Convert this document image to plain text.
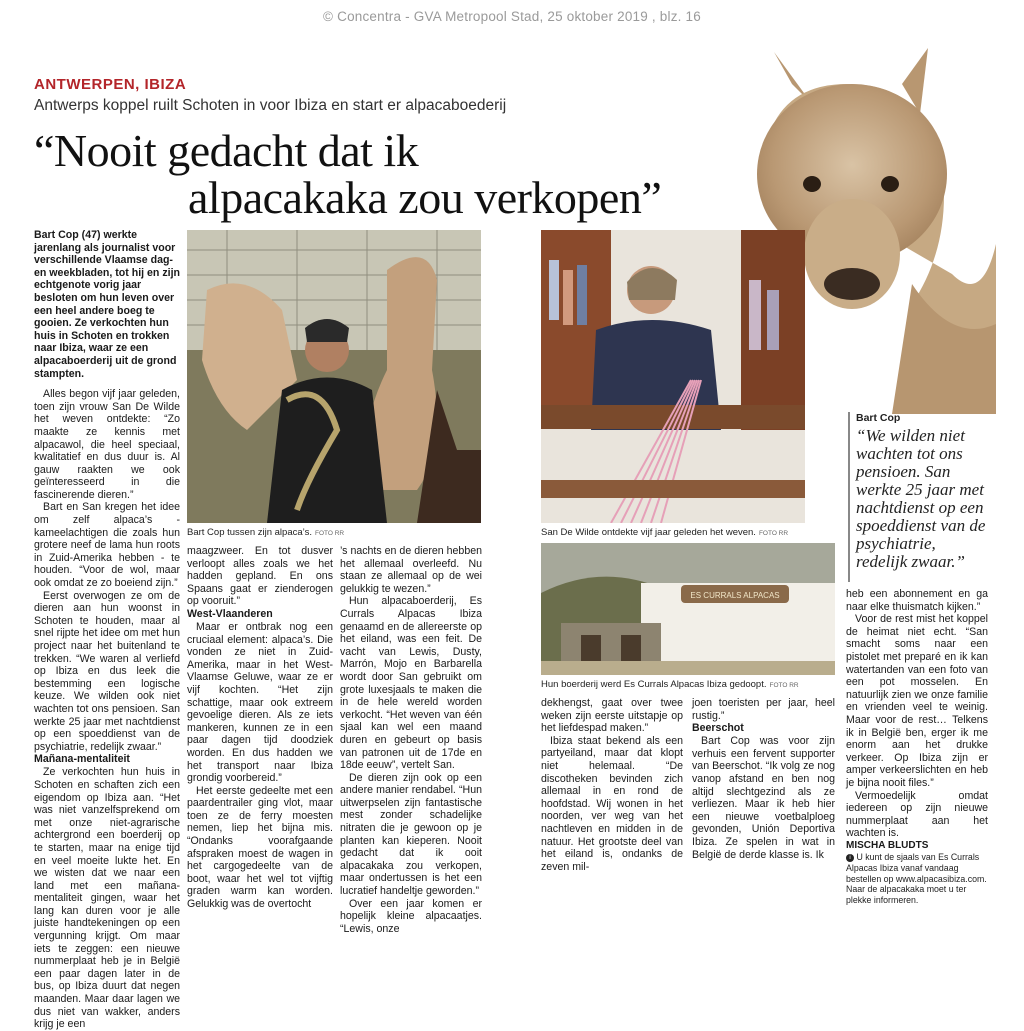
© Concentra - GVA Metropool Stad, 25 oktober 2019 , blz. 16
ANTWERPEN, IBIZA
Antwerps koppel ruilt Schoten in voor Ibiza en start er alpacaboederij
“Nooit gedacht dat ik
alpacakaka zou verkopen”
Bart Cop tussen zijn alpaca’s. FOTO RR	San De Wilde ontdekte vijf jaar geleden het weven. FOTO RR
Bart Cop
“We wilden niet wachten tot ons pensioen. San werkte 25 jaar met nachtdienst op een spoeddienst van de psychiatrie, redelijk zwaar.”
ES CURRALS ALPACAS
Hun boerderij werd Es Currals Alpacas Ibiza gedoopt. FOTO RR

Bart Cop (47) werkte jarenlang als journalist voor verschillende Vlaamse dag- en weekbladen, tot hij en zijn echtgenote vorig jaar besloten om hun leven over een heel andere boeg te gooien. Ze verkochten hun huis in Schoten en trokken naar Ibiza, waar ze een alpacaboerderij uit de grond stampten.

Alles begon vijf jaar geleden, toen zijn vrouw San De Wilde het weven ontdekte: “Zo maakte ze kennis met alpacawol, die heel speciaal, kwalitatief en dus duur is. Al gauw raakten we ook geïnteresseerd in die fascinerende dieren.”

Bart en San kregen het idee om zelf alpaca’s - kameelachtigen die zoals hun grotere neef de lama hun roots in Zuid-Amerika hebben - te houden. “Voor de wol, maar ook omdat ze zo boeiend zijn.”

Eerst overwogen ze om de dieren aan hun woonst in Schoten te houden, maar al snel rijpte het idee om met hun project naar het buitenland te trekken. “We waren al verliefd op Ibiza en dus leek die bestemming een logische keuze. We wilden ook niet wachten tot ons pensioen. San werkte 25 jaar met nachtdienst op een spoeddienst van de psychiatrie, redelijk zwaar.”

Mañana-mentaliteit

Ze verkochten hun huis in Schoten en schaften zich een eigendom op Ibiza aan. “Het was niet vanzelfsprekend om met onze niet-agrarische achtergrond een boerderij op te starten, maar na enige tijd en veel moeite lukte het. En we wisten dat we naar een land met een mañana-mentaliteit gingen, waar het lang kan duren voor je alle juiste handtekeningen op een vergunning krijgt. Om maar iets te zeggen: een nieuwe nummerplaat heb je in België een paar dagen later in de bus, op Ibiza duurt dat negen maanden. Maar daar lagen we dus niet van wakker, anders krijg je een

maagzweer. En tot dusver verloopt alles zoals we het hadden gepland. En ons Spaans gaat er zienderogen op vooruit.”

West-Vlaanderen

Maar er ontbrak nog een cruciaal element: alpaca’s. Die vonden ze niet in Zuid-Amerika, maar in het West-Vlaamse Geluwe, waar ze er vijf kochten. “Het zijn schattige, maar ook extreem gevoelige dieren. Als ze iets mankeren, kunnen ze in een paar dagen tijd doodziek worden. En dus hadden we het transport naar Ibiza grondig voorbereid.”

Het eerste gedeelte met een paardentrailer ging vlot, maar toen ze de ferry moesten nemen, liep het bijna mis. “Ondanks voorafgaande afspraken moest de wagen in het cargogedeelte van de boot, waar het wel tot vijftig graden warm kan worden. Gelukkig was de overtocht

’s nachts en de dieren hebben het allemaal overleefd. Nu staan ze allemaal op de wei gelukkig te wezen.”

Hun alpacaboerderij, Es Currals Alpacas Ibiza genaamd en de allereerste op het eiland, was een feit. De vacht van Lewis, Dusty, Marrón, Mojo en Barbarella wordt door San gebruikt om grote luxesjaals te maken die in de hele wereld worden verkocht. “Het weven van één sjaal kan wel een maand duren en gebeurt op basis van patronen uit de 17de en 18de eeuw”, vertelt San.

De dieren zijn ook op een andere manier rendabel. “Hun uitwerpselen zijn fantastische mest zonder schadelijke nitraten die je gewoon op je planten kan kieperen. Nooit gedacht dat ik ooit alpacakaka zou verkopen, maar ondertussen is het een lucratief handeltje geworden.”

Over een jaar komen er hopelijk kleine alpacaatjes. “Lewis, onze

dekhengst, gaat over twee weken zijn eerste uitstapje op het liefdespad maken.”

Ibiza staat bekend als een partyeiland, maar dat klopt niet helemaal. “De discotheken bevinden zich allemaal in en rond de hoofdstad. Wij wonen in het noorden, ver weg van het nachtleven en midden in de natuur. Het grootste deel van het eiland is, ondanks de zeven mil-

joen toeristen per jaar, heel rustig.”

Beerschot

Bart Cop was voor zijn verhuis een fervent supporter van Beerschot. “Ik volg ze nog vanop afstand en ben nog altijd slechtgezind als ze verliezen. Maar ik heb hier een nieuwe voetbalploeg gevonden, Unión Deportiva Ibiza. Ze spelen in wat in België de derde klasse is. Ik

heb een abonnement en ga naar elke thuismatch kijken.”

Voor de rest mist het koppel de heimat niet echt. “San smacht soms naar een pistolet met preparé en ik kan watertanden van een foto van een pot mosselen. En natuurlijk zien we onze familie en vrienden veel te weinig. Maar voor de rest… Telkens ik in België ben, erger ik me enorm aan het drukke verkeer. Op Ibiza zijn er amper verkeerslichten en heb je bijna nooit files.”

Vermoedelijk omdat iedereen op zijn nieuwe nummerplaat aan het wachten is.

MISCHA BLUDTS
i U kunt de sjaals van Es Currals Alpacas Ibiza vanaf vandaag bestellen op www.alpacasibiza.com. Naar de alpacakaka moet u ter plekke informeren.
